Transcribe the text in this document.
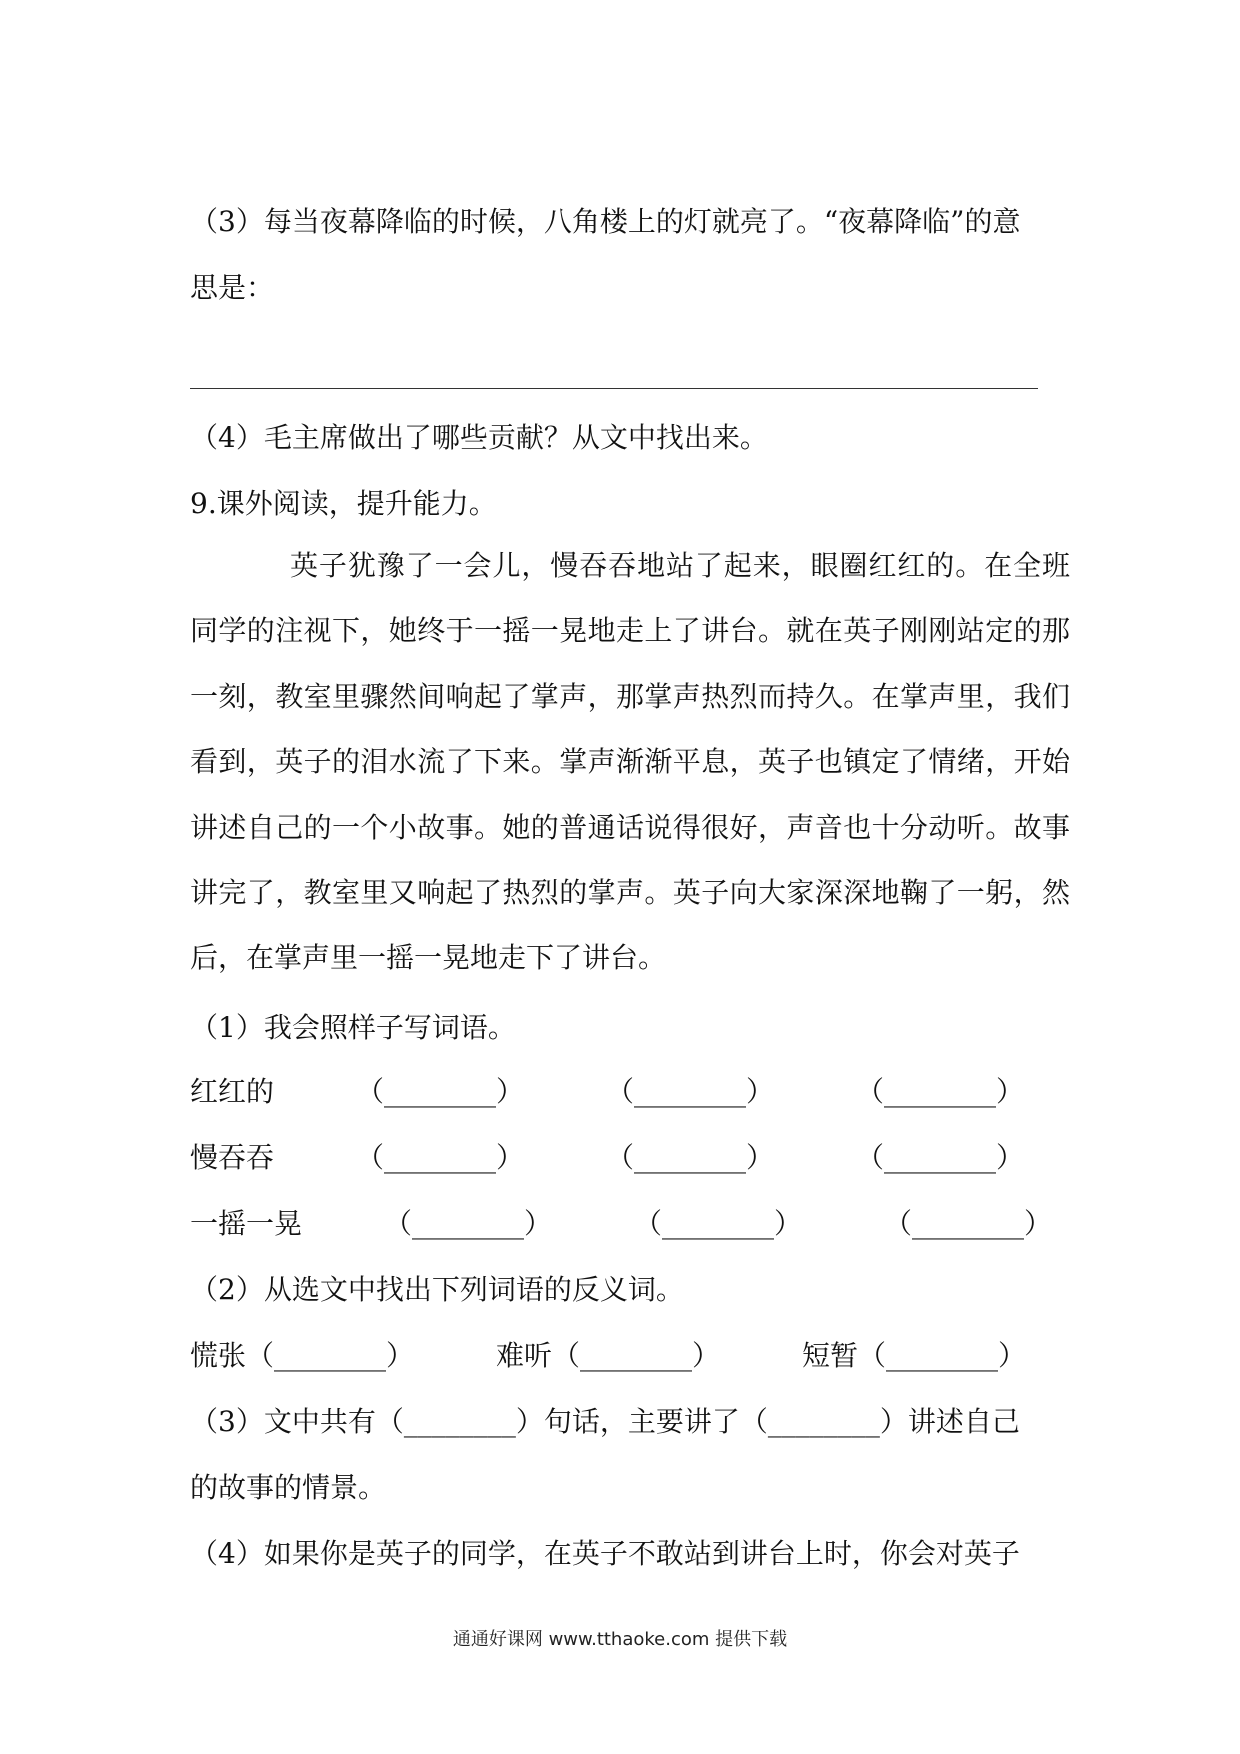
（3）每当夜幕降临的时候，八角楼上的灯就亮了。“夜幕降临”的意
思是：
（4）毛主席做出了哪些贡献？从文中找出来。
9.课外阅读，提升能力。
英子犹豫了一会儿，慢吞吞地站了起来，眼圈红红的。在全班同学的注视下，她终于一摇一晃地走上了讲台。就在英子刚刚站定的那一刻，教室里骤然间响起了掌声，那掌声热烈而持久。在掌声里，我们看到，英子的泪水流了下来。掌声渐渐平息，英子也镇定了情绪，开始讲述自己的一个小故事。她的普通话说得很好，声音也十分动听。故事讲完了，教室里又响起了热烈的掌声。英子向大家深深地鞠了一躬，然后，在掌声里一摇一晃地走下了讲台。
（1）我会照样子写词语。
红红的	（________）	（________）	（________）
慢吞吞	（________）	（________）	（________）
一摇一晃	（________）	（________）	（________）
（2）从选文中找出下列词语的反义词。
慌张（________）	难听（________）	短暂（________）
（3）文中共有（________）句话，主要讲了（________）讲述自己
的故事的情景。
（4）如果你是英子的同学，在英子不敢站到讲台上时，你会对英子
通通好课网 www.tthaoke.com 提供下载
